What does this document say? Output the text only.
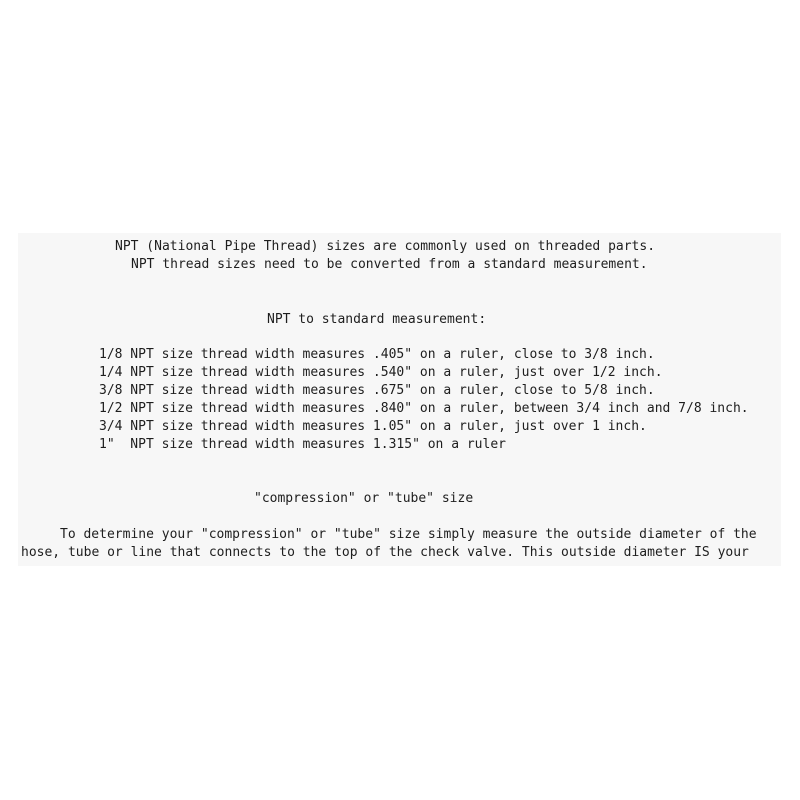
NPT (National Pipe Thread) sizes are commonly used on threaded parts.
NPT thread sizes need to be converted from a standard measurement.
NPT to standard measurement:
1/8 NPT size thread width measures .405" on a ruler, close to 3/8 inch.
1/4 NPT size thread width measures .540" on a ruler, just over 1/2 inch.
3/8 NPT size thread width measures .675" on a ruler, close to 5/8 inch.
1/2 NPT size thread width measures .840" on a ruler, between 3/4 inch and 7/8 inch.
3/4 NPT size thread width measures 1.05" on a ruler, just over 1 inch.
1"  NPT size thread width measures 1.315" on a ruler
"compression" or "tube" size
To determine your "compression" or "tube" size simply measure the outside diameter of the
hose, tube or line that connects to the top of the check valve. This outside diameter IS your
